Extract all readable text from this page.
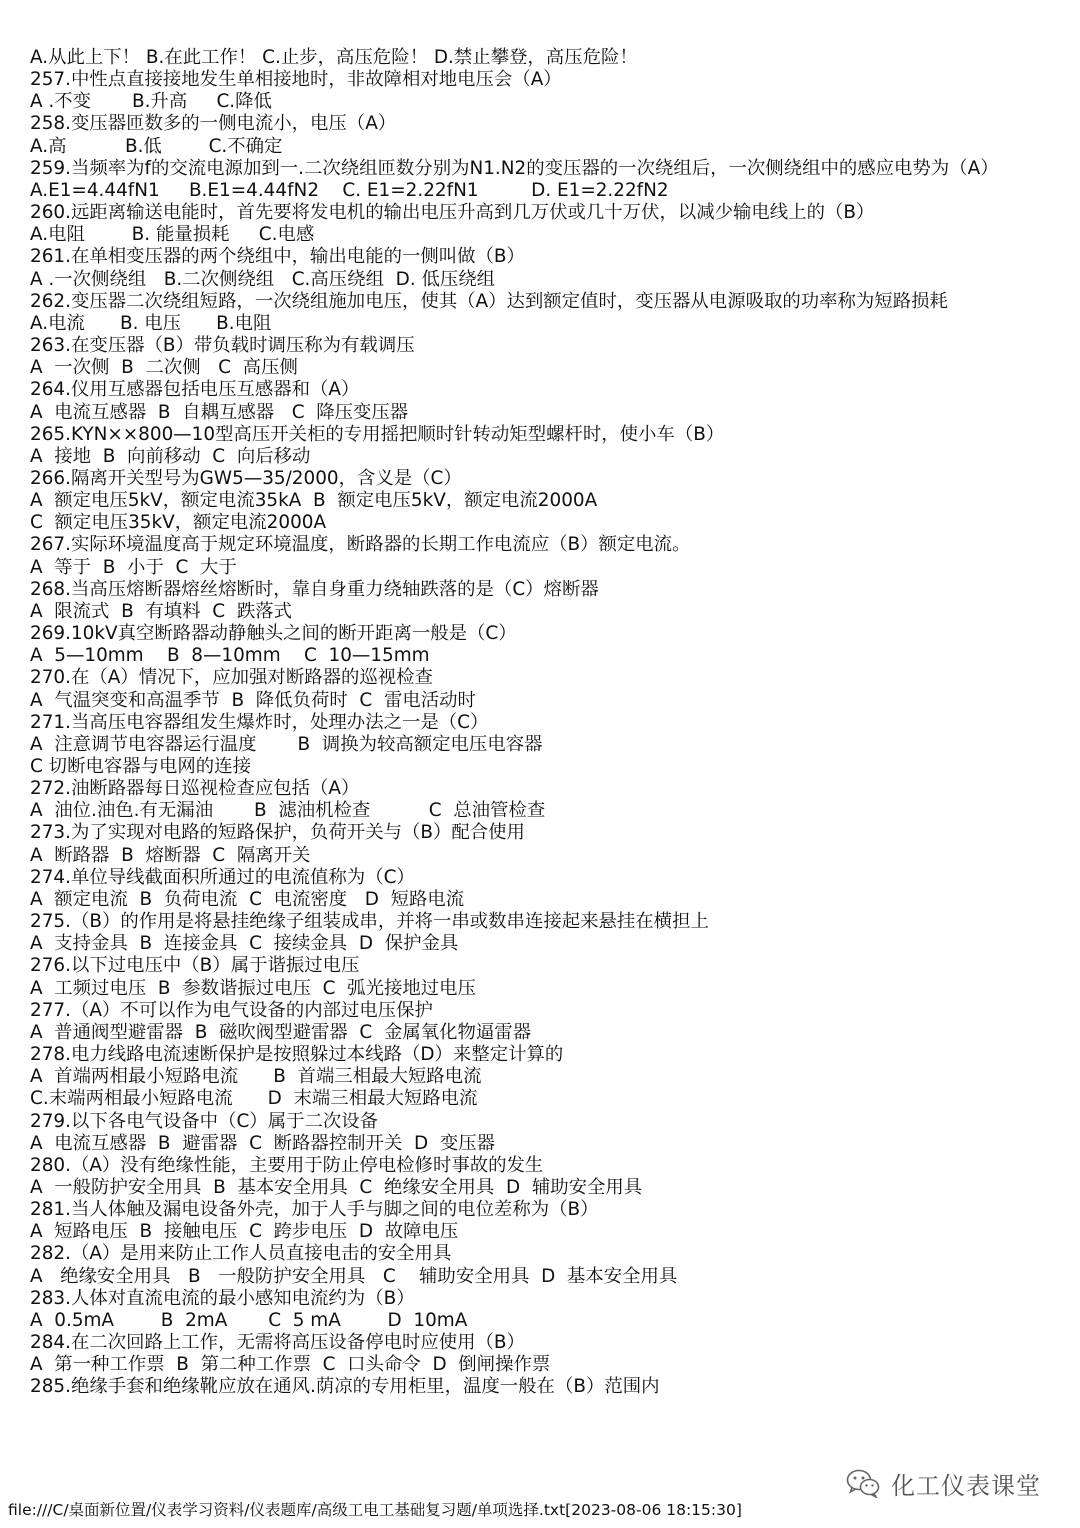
A.从此上下！ B.在此工作！ C.止步，高压危险！ D.禁止攀登，高压危险！
257.中性点直接接地发生单相接地时，非故障相对地电压会（A）
A .不变       B.升高     C.降低
258.变压器匝数多的一侧电流小，电压（A）
A.高          B.低        C.不确定
259.当频率为f的交流电源加到一.二次绕组匝数分别为N1.N2的变压器的一次绕组后，一次侧绕组中的感应电势为（A）
A.E1=4.44fN1     B.E1=4.44fN2    C. E1=2.22fN1         D. E1=2.22fN2
260.远距离输送电能时，首先要将发电机的输出电压升高到几万伏或几十万伏，以减少输电线上的（B）
A.电阻        B. 能量损耗     C.电感
261.在单相变压器的两个绕组中，输出电能的一侧叫做（B）
A .一次侧绕组   B.二次侧绕组   C.高压绕组  D. 低压绕组
262.变压器二次绕组短路，一次绕组施加电压，使其（A）达到额定值时，变压器从电源吸取的功率称为短路损耗
A.电流      B. 电压      B.电阻
263.在变压器（B）带负载时调压称为有载调压
A  一次侧  B  二次侧   C  高压侧
264.仪用互感器包括电压互感器和（A）
A  电流互感器  B  自耦互感器   C  降压变压器
265.KYN××800—10型高压开关柜的专用摇把顺时针转动矩型螺杆时，使小车（B）
A  接地  B  向前移动  C  向后移动
266.隔离开关型号为GW5—35/2000，含义是（C）
A  额定电压5kV，额定电流35kA  B  额定电压5kV，额定电流2000A
C  额定电压35kV，额定电流2000A
267.实际环境温度高于规定环境温度，断路器的长期工作电流应（B）额定电流。
A  等于  B  小于  C  大于
268.当高压熔断器熔丝熔断时，靠自身重力绕轴跌落的是（C）熔断器
A  限流式  B  有填料  C  跌落式
269.10kV真空断路器动静触头之间的断开距离一般是（C）
A  5—10mm    B  8—10mm    C  10—15mm
270.在（A）情况下，应加强对断路器的巡视检查
A  气温突变和高温季节  B  降低负荷时  C  雷电活动时
271.当高压电容器组发生爆炸时，处理办法之一是（C）
A  注意调节电容器运行温度       B  调换为较高额定电压电容器
C 切断电容器与电网的连接
272.油断路器每日巡视检查应包括（A）
A  油位.油色.有无漏油       B  滤油机检查          C  总油管检查
273.为了实现对电路的短路保护，负荷开关与（B）配合使用
A  断路器  B  熔断器  C  隔离开关
274.单位导线截面积所通过的电流值称为（C）
A  额定电流  B  负荷电流  C  电流密度   D  短路电流
275.（B）的作用是将悬挂绝缘子组装成串，并将一串或数串连接起来悬挂在横担上
A  支持金具  B  连接金具  C  接续金具  D  保护金具
276.以下过电压中（B）属于谐振过电压
A  工频过电压  B  参数谐振过电压  C  弧光接地过电压
277.（A）不可以作为电气设备的内部过电压保护
A  普通阀型避雷器  B  磁吹阀型避雷器  C  金属氧化物逼雷器
278.电力线路电流速断保护是按照躲过本线路（D）来整定计算的
A  首端两相最小短路电流      B  首端三相最大短路电流
C.末端两相最小短路电流      D  末端三相最大短路电流
279.以下各电气设备中（C）属于二次设备
A  电流互感器  B  避雷器  C  断路器控制开关  D  变压器
280.（A）没有绝缘性能，主要用于防止停电检修时事故的发生
A  一般防护安全用具  B  基本安全用具  C  绝缘安全用具  D  辅助安全用具
281.当人体触及漏电设备外壳，加于人手与脚之间的电位差称为（B）
A  短路电压  B  接触电压  C  跨步电压  D  故障电压
282.（A）是用来防止工作人员直接电击的安全用具
A   绝缘安全用具   B   一般防护安全用具   C    辅助安全用具  D  基本安全用具
283.人体对直流电流的最小感知电流约为（B）
A  0.5mA        B  2mA       C  5 mA        D  10mA
284.在二次回路上工作，无需将高压设备停电时应使用（B）
A  第一种工作票  B  第二种工作票  C  口头命令  D  倒闸操作票
285.绝缘手套和绝缘靴应放在通风.荫凉的专用柜里，温度一般在（B）范围内
化工仪表课堂
file:///C/桌面新位置/仪表学习资料/仪表题库/高级工电工基础复习题/单项选择.txt[2023-08-06 18:15:30]
